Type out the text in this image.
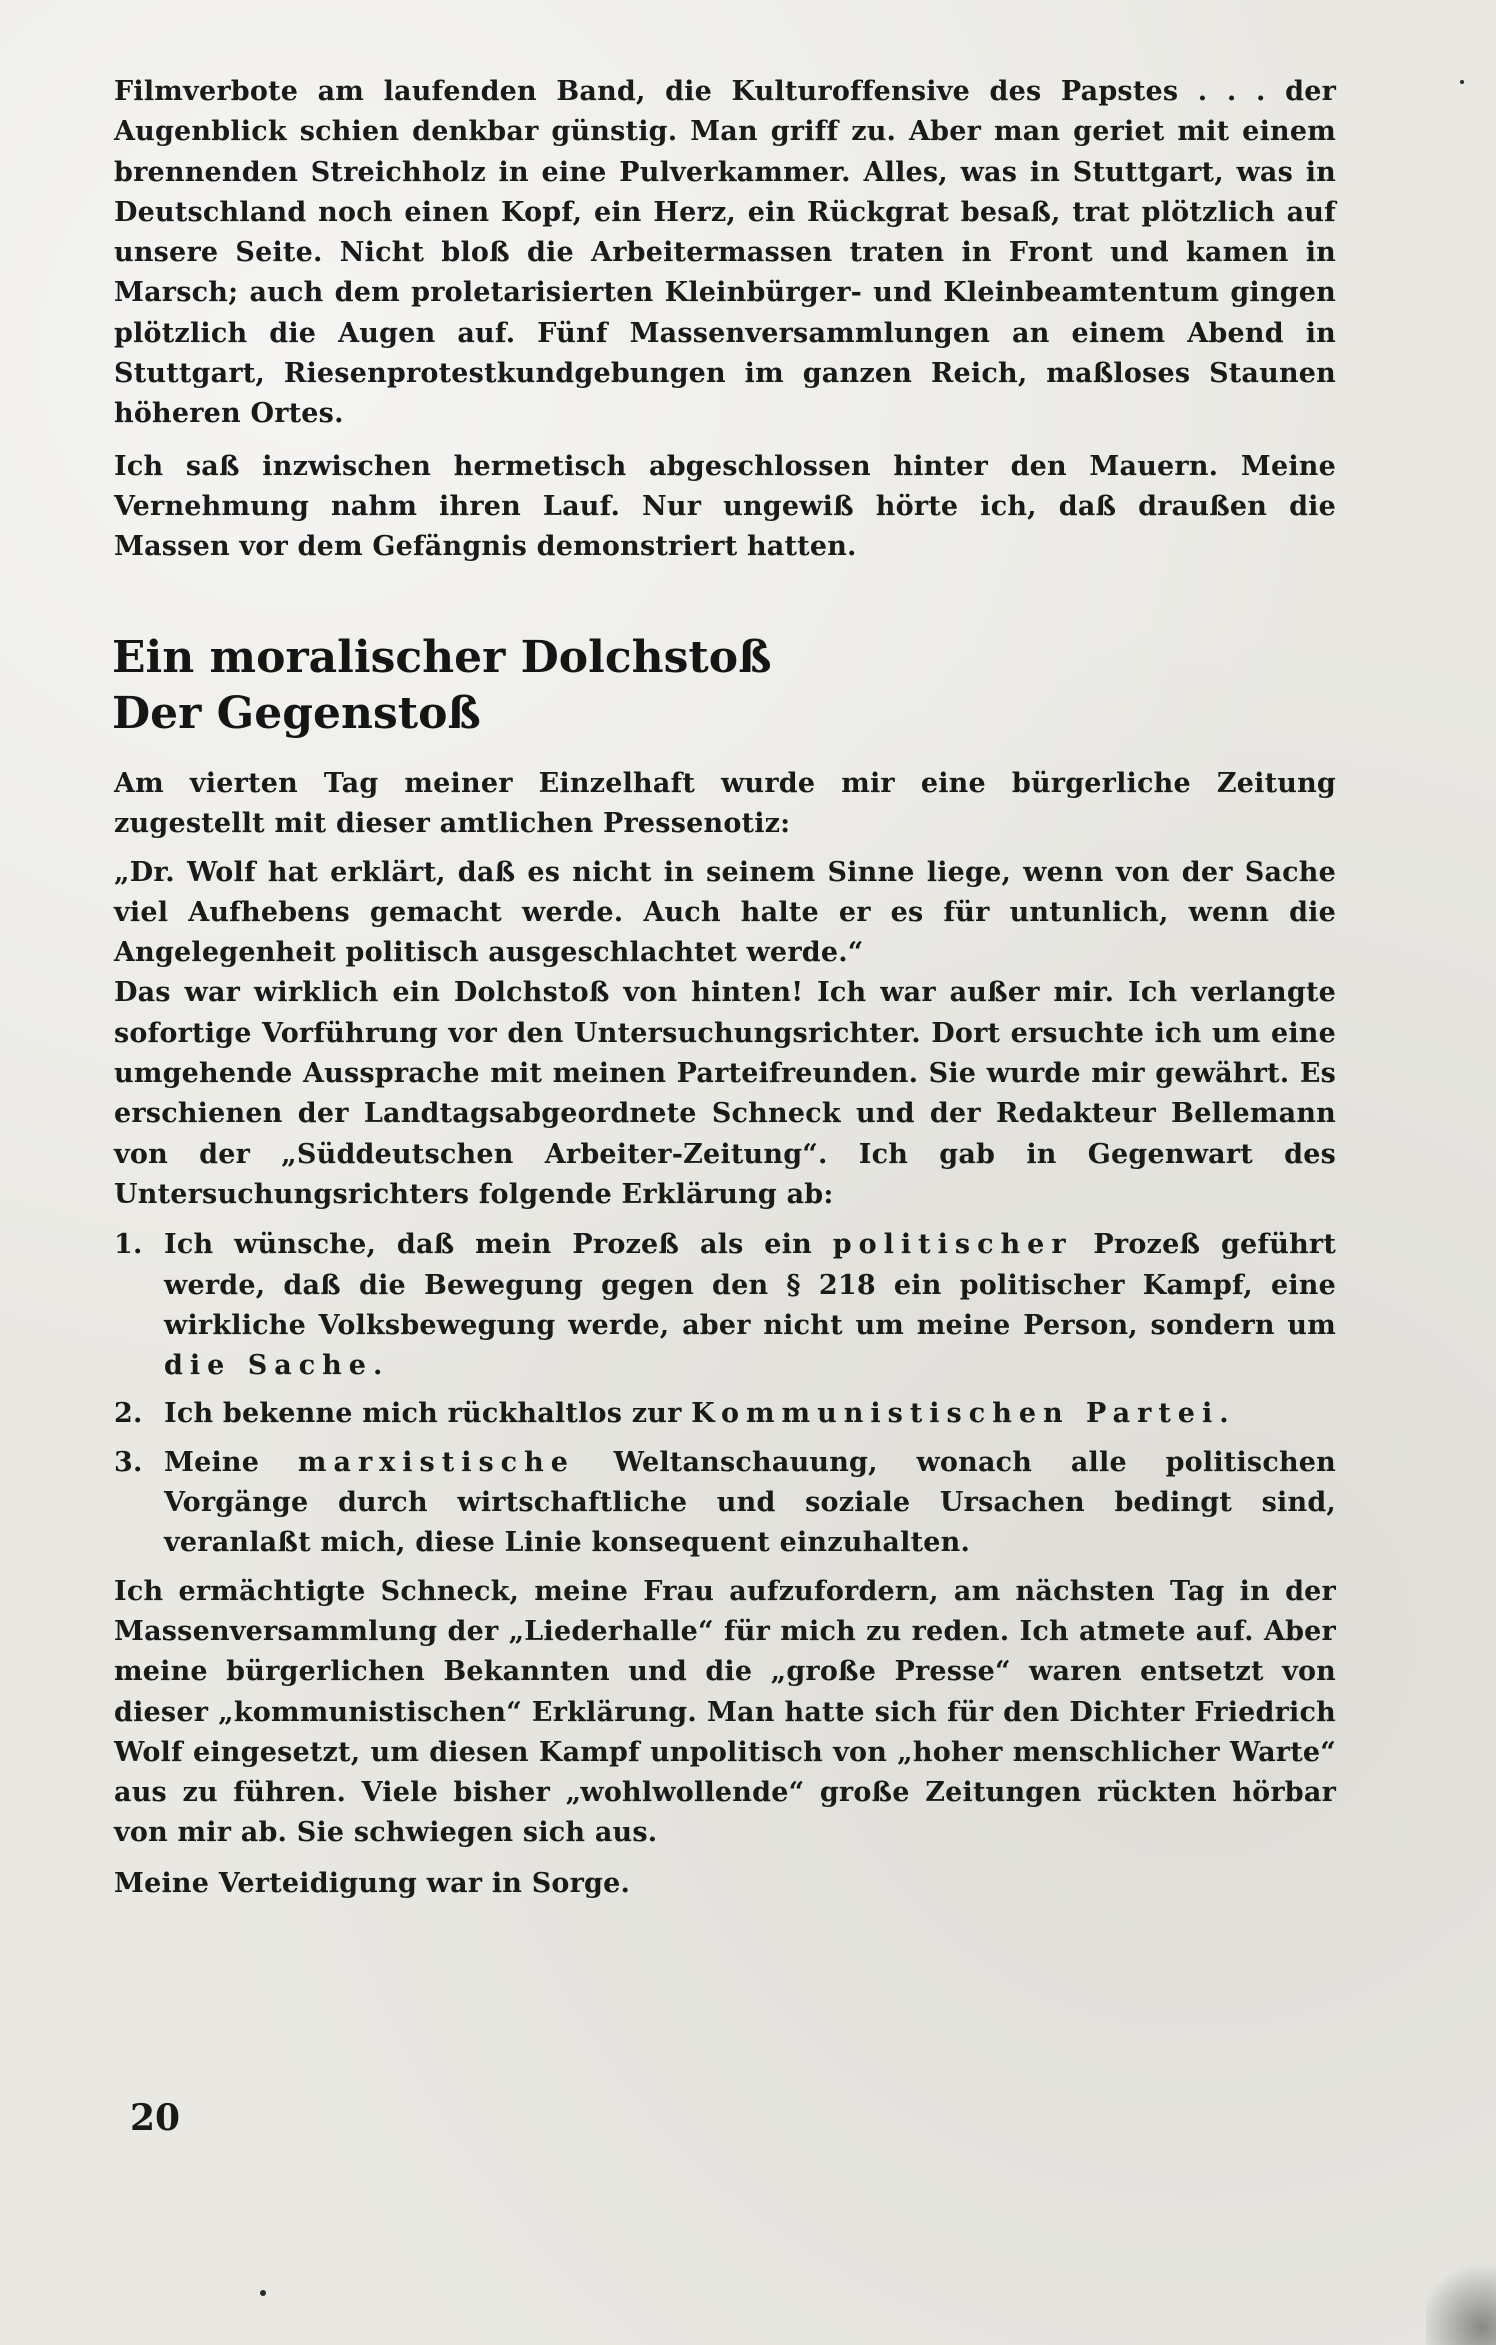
Filmverbote am laufenden Band, die Kulturoffensive des Papstes . . . der Augenblick schien denkbar günstig. Man griff zu. Aber man geriet mit einem brennenden Streichholz in eine Pulverkammer. Alles, was in Stuttgart, was in Deutschland noch einen Kopf, ein Herz, ein Rückgrat besaß, trat plötzlich auf unsere Seite. Nicht bloß die Arbeitermassen traten in Front und kamen in Marsch; auch dem proletarisierten Kleinbürger- und Kleinbeamtentum gingen plötzlich die Augen auf. Fünf Massenversammlungen an einem Abend in Stuttgart, Riesenprotestkundgebungen im ganzen Reich, maßloses Staunen höheren Ortes.

Ich saß inzwischen hermetisch abgeschlossen hinter den Mauern. Meine Vernehmung nahm ihren Lauf. Nur ungewiß hörte ich, daß draußen die Massen vor dem Gefängnis demonstriert hatten.

Ein moralischer Dolchstoß
Der Gegenstoß

Am vierten Tag meiner Einzelhaft wurde mir eine bürgerliche Zeitung zugestellt mit dieser amtlichen Pressenotiz:

„Dr. Wolf hat erklärt, daß es nicht in seinem Sinne liege, wenn von der Sache viel Aufhebens gemacht werde. Auch halte er es für untunlich, wenn die Angelegenheit politisch ausgeschlachtet werde.“

Das war wirklich ein Dolchstoß von hinten! Ich war außer mir. Ich verlangte sofortige Vorführung vor den Untersuchungsrichter. Dort ersuchte ich um eine umgehende Aussprache mit meinen Parteifreunden. Sie wurde mir gewährt. Es erschienen der Landtagsabgeordnete Schneck und der Redakteur Bellemann von der „Süddeutschen Arbeiter-Zeitung“. Ich gab in Gegenwart des Untersuchungsrichters folgende Erklärung ab:

1. Ich wünsche, daß mein Prozeß als ein politischer Prozeß geführt werde, daß die Bewegung gegen den § 218 ein politischer Kampf, eine wirkliche Volksbewegung werde, aber nicht um meine Person, sondern um die Sache.
2. Ich bekenne mich rückhaltlos zur Kommunistischen Partei.
3. Meine marxistische Weltanschauung, wonach alle politischen Vorgänge durch wirtschaftliche und soziale Ursachen bedingt sind, veranlaßt mich, diese Linie konsequent einzuhalten.

Ich ermächtigte Schneck, meine Frau aufzufordern, am nächsten Tag in der Massenversammlung der „Liederhalle“ für mich zu reden. Ich atmete auf. Aber meine bürgerlichen Bekannten und die „große Presse“ waren entsetzt von dieser „kommunistischen“ Erklärung. Man hatte sich für den Dichter Friedrich Wolf eingesetzt, um diesen Kampf unpolitisch von „hoher menschlicher Warte“ aus zu führen. Viele bisher „wohlwollende“ große Zeitungen rückten hörbar von mir ab. Sie schwiegen sich aus.

Meine Verteidigung war in Sorge.

20
